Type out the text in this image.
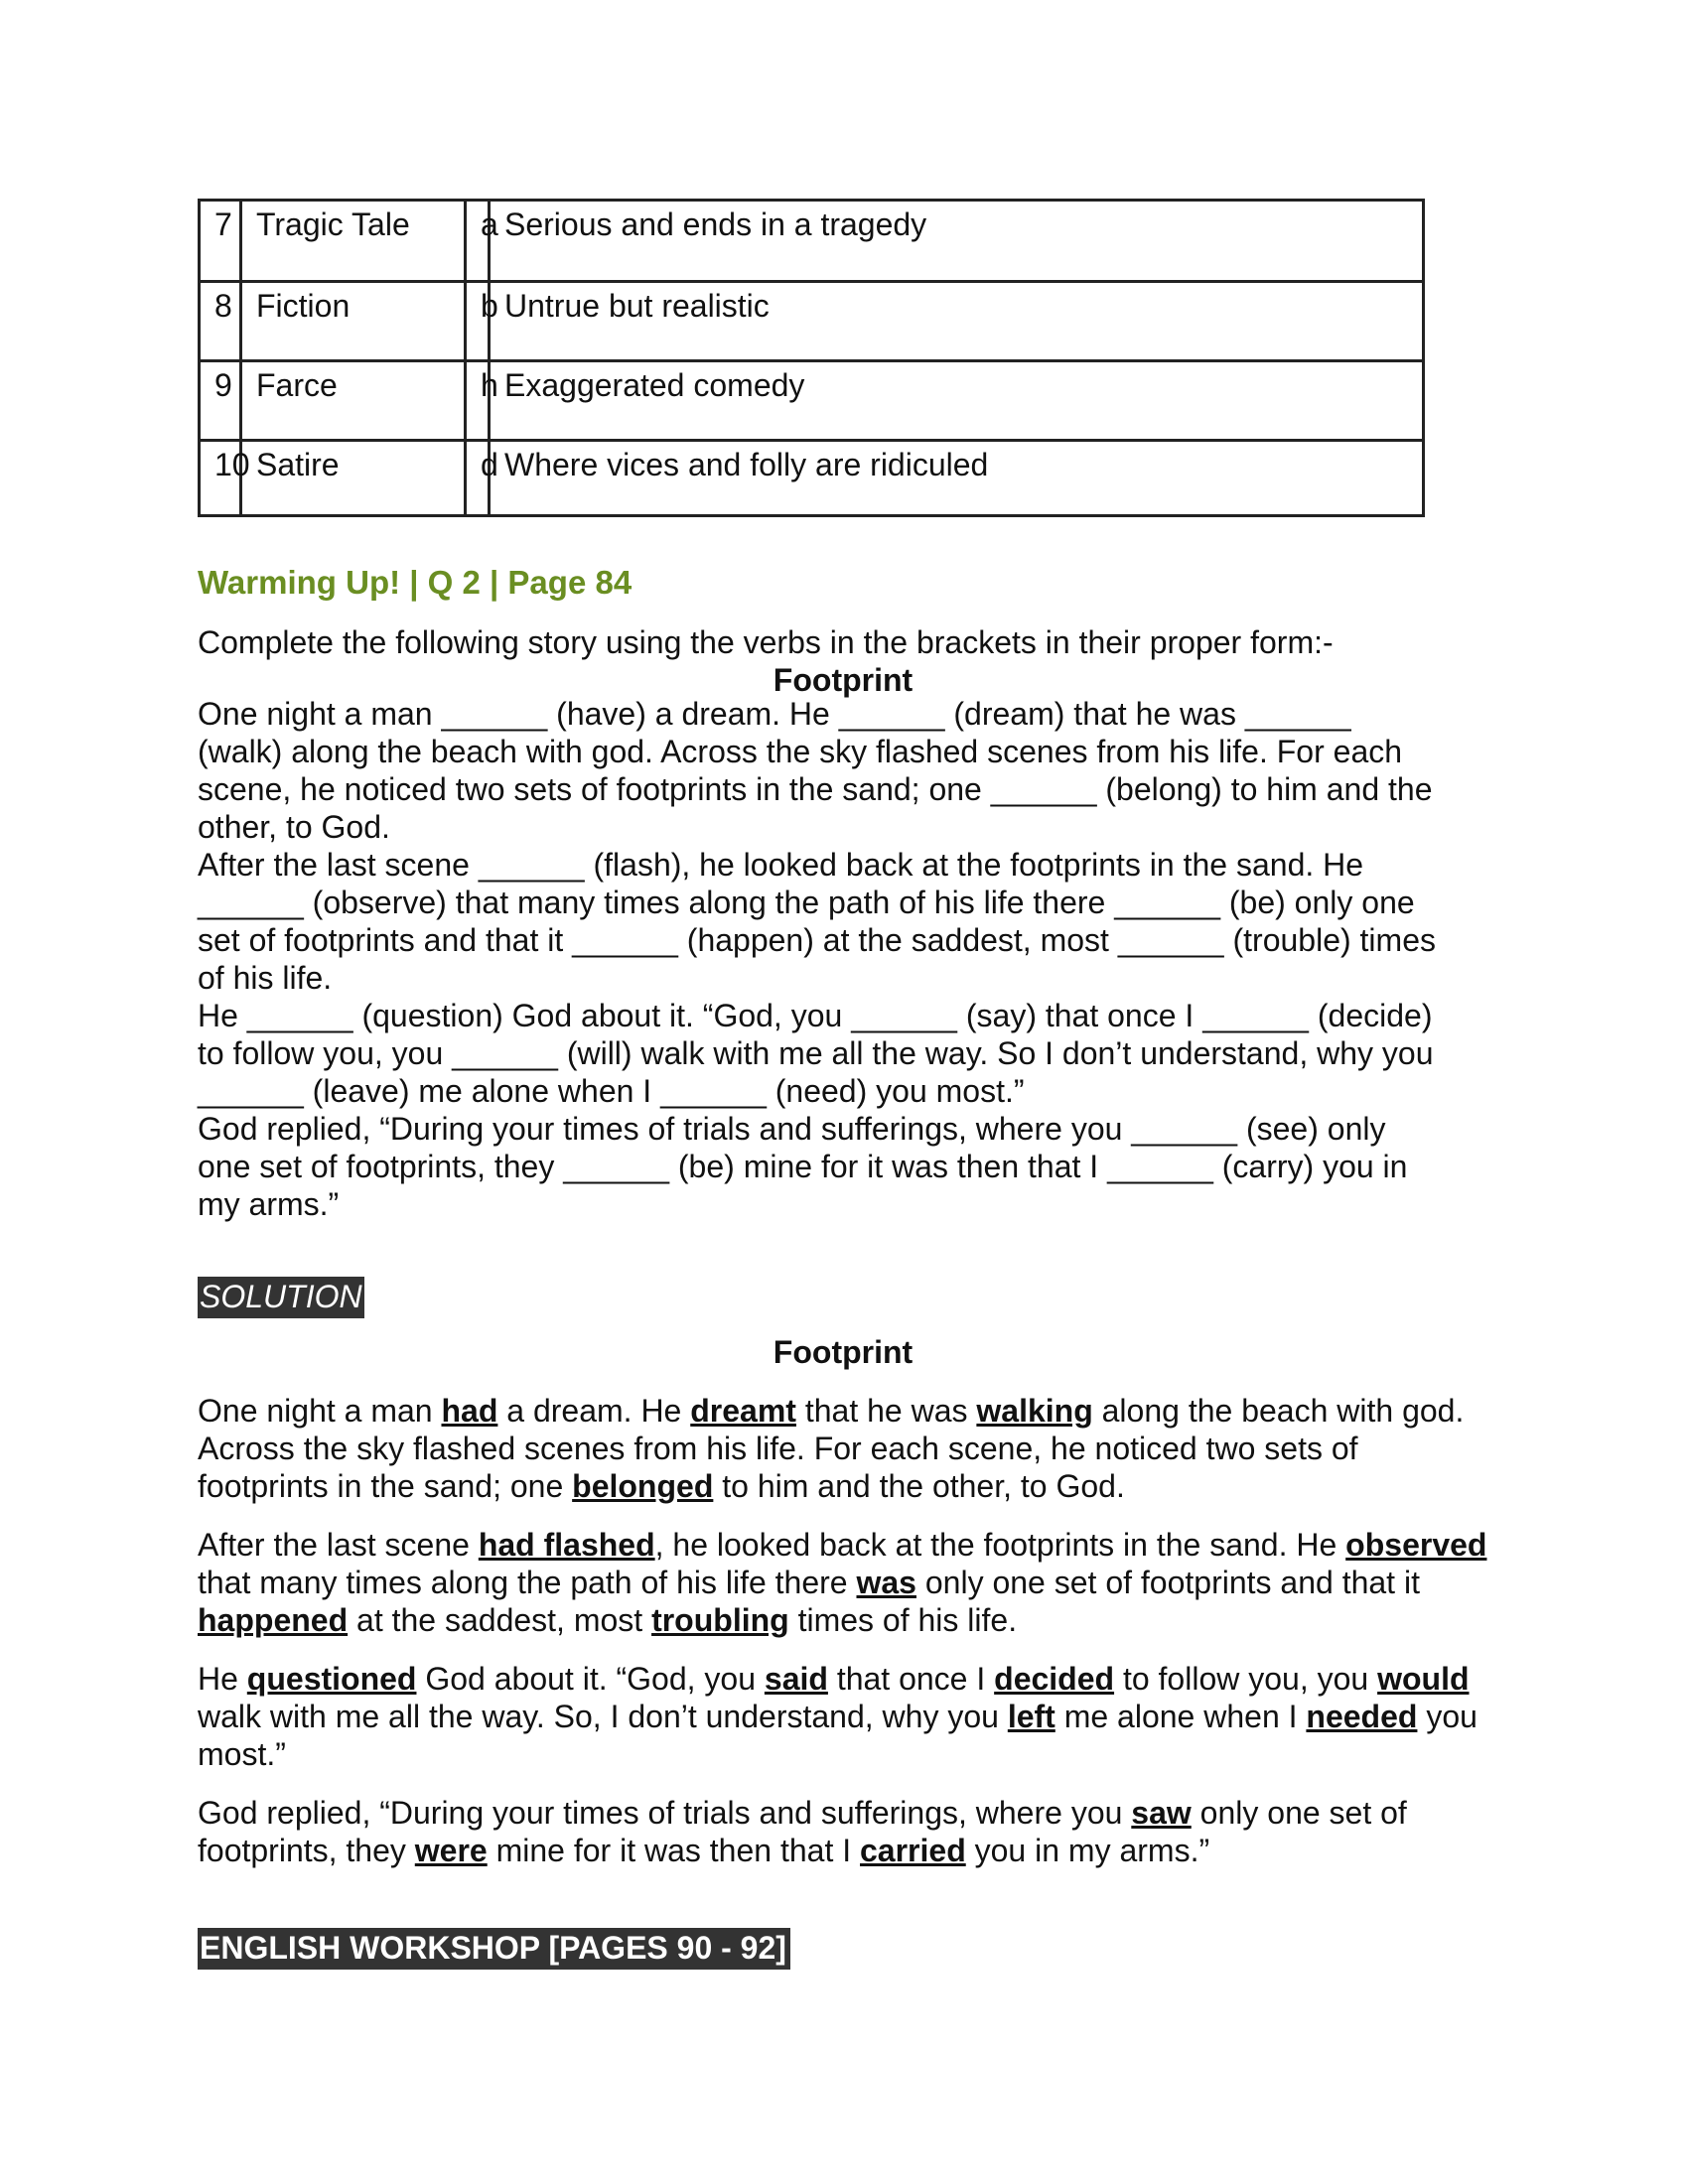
7	Tragic Tale	a	Serious and ends in a tragedy
8	Fiction	b	Untrue but realistic
9	Farce	h	Exaggerated comedy
10	Satire	d	Where vices and folly are ridiculed
Warming Up! | Q 2 | Page 84

Complete the following story using the verbs in the brackets in their proper form:-

Footprint

One night a man ______ (have) a dream. He ______ (dream) that he was ______

(walk) along the beach with god. Across the sky flashed scenes from his life. For each

scene, he noticed two sets of footprints in the sand; one ______ (belong) to him and the

other, to God.

After the last scene ______ (flash), he looked back at the footprints in the sand. He

______ (observe) that many times along the path of his life there ______ (be) only one

set of footprints and that it ______ (happen) at the saddest, most ______ (trouble) times

of his life.

He ______ (question) God about it. “God, you ______ (say) that once I ______ (decide)

to follow you, you ______ (will) walk with me all the way. So I don’t understand, why you

______ (leave) me alone when I ______ (need) you most.”

God replied, “During your times of trials and sufferings, where you ______ (see) only

one set of footprints, they ______ (be) mine for it was then that I ______ (carry) you in

my arms.”

SOLUTION
Footprint

One night a man had a dream. He dreamt that he was walking along the beach with god. Across the sky flashed scenes from his life. For each scene, he noticed two sets of footprints in the sand; one belonged to him and the other, to God.

After the last scene had flashed, he looked back at the footprints in the sand. He observed that many times along the path of his life there was only one set of footprints and that it happened at the saddest, most troubling times of his life.

He questioned God about it. “God, you said that once I decided to follow you, you would walk with me all the way. So, I don’t understand, why you left me alone when I needed you most.”

God replied, “During your times of trials and sufferings, where you saw only one set of footprints, they were mine for it was then that I carried you in my arms.”

ENGLISH WORKSHOP [PAGES 90 - 92]
